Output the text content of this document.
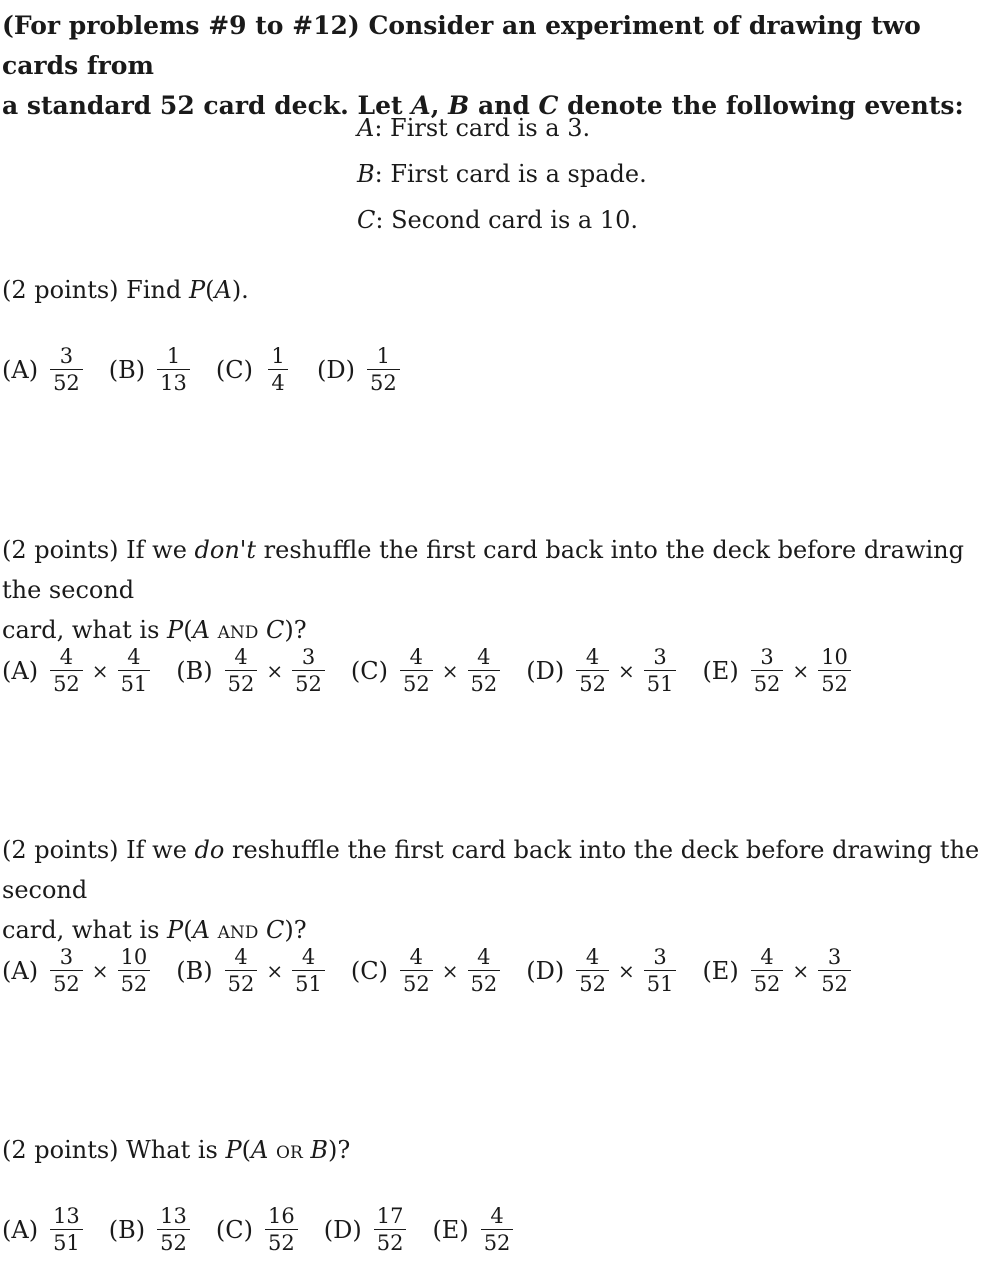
(For problems #9 to #12) Consider an experiment of drawing two cards from
a standard 52 card deck. Let A, B and C denote the following events:
A: First card is a 3.
B: First card is a spade.
C: Second card is a 10.
(2 points) Find P(A).
$(A) \frac{3}{52} (B) \frac{1}{13} (C) \frac{1}{4} (D) \frac{1}{52}$
(2 points) If we don't reshuffle the first card back into the deck before drawing the second
card, what is P(A and C)?
$(A) \frac{4}{52} \times \frac{4}{51} (B) \frac{4}{52} \times \frac{3}{52} (C) \frac{4}{52} \times \frac{4}{52} (D) \frac{4}{52} \times \frac{3}{51} (E) \frac{3}{52} \times \frac{10}{52}$
(2 points) If we do reshuffle the first card back into the deck before drawing the second
card, what is P(A and C)?
$(A) \frac{3}{52} \times \frac{10}{52} (B) \frac{4}{52} \times \frac{4}{51} (C) \frac{4}{52} \times \frac{4}{52} (D) \frac{4}{52} \times \frac{3}{51} (E) \frac{4}{52} \times \frac{3}{52}$
(2 points) What is P(A or B)?
$(A) \frac{13}{51} (B) \frac{13}{52} (C) \frac{16}{52} (D) \frac{17}{52} (E) \frac{4}{52}$
